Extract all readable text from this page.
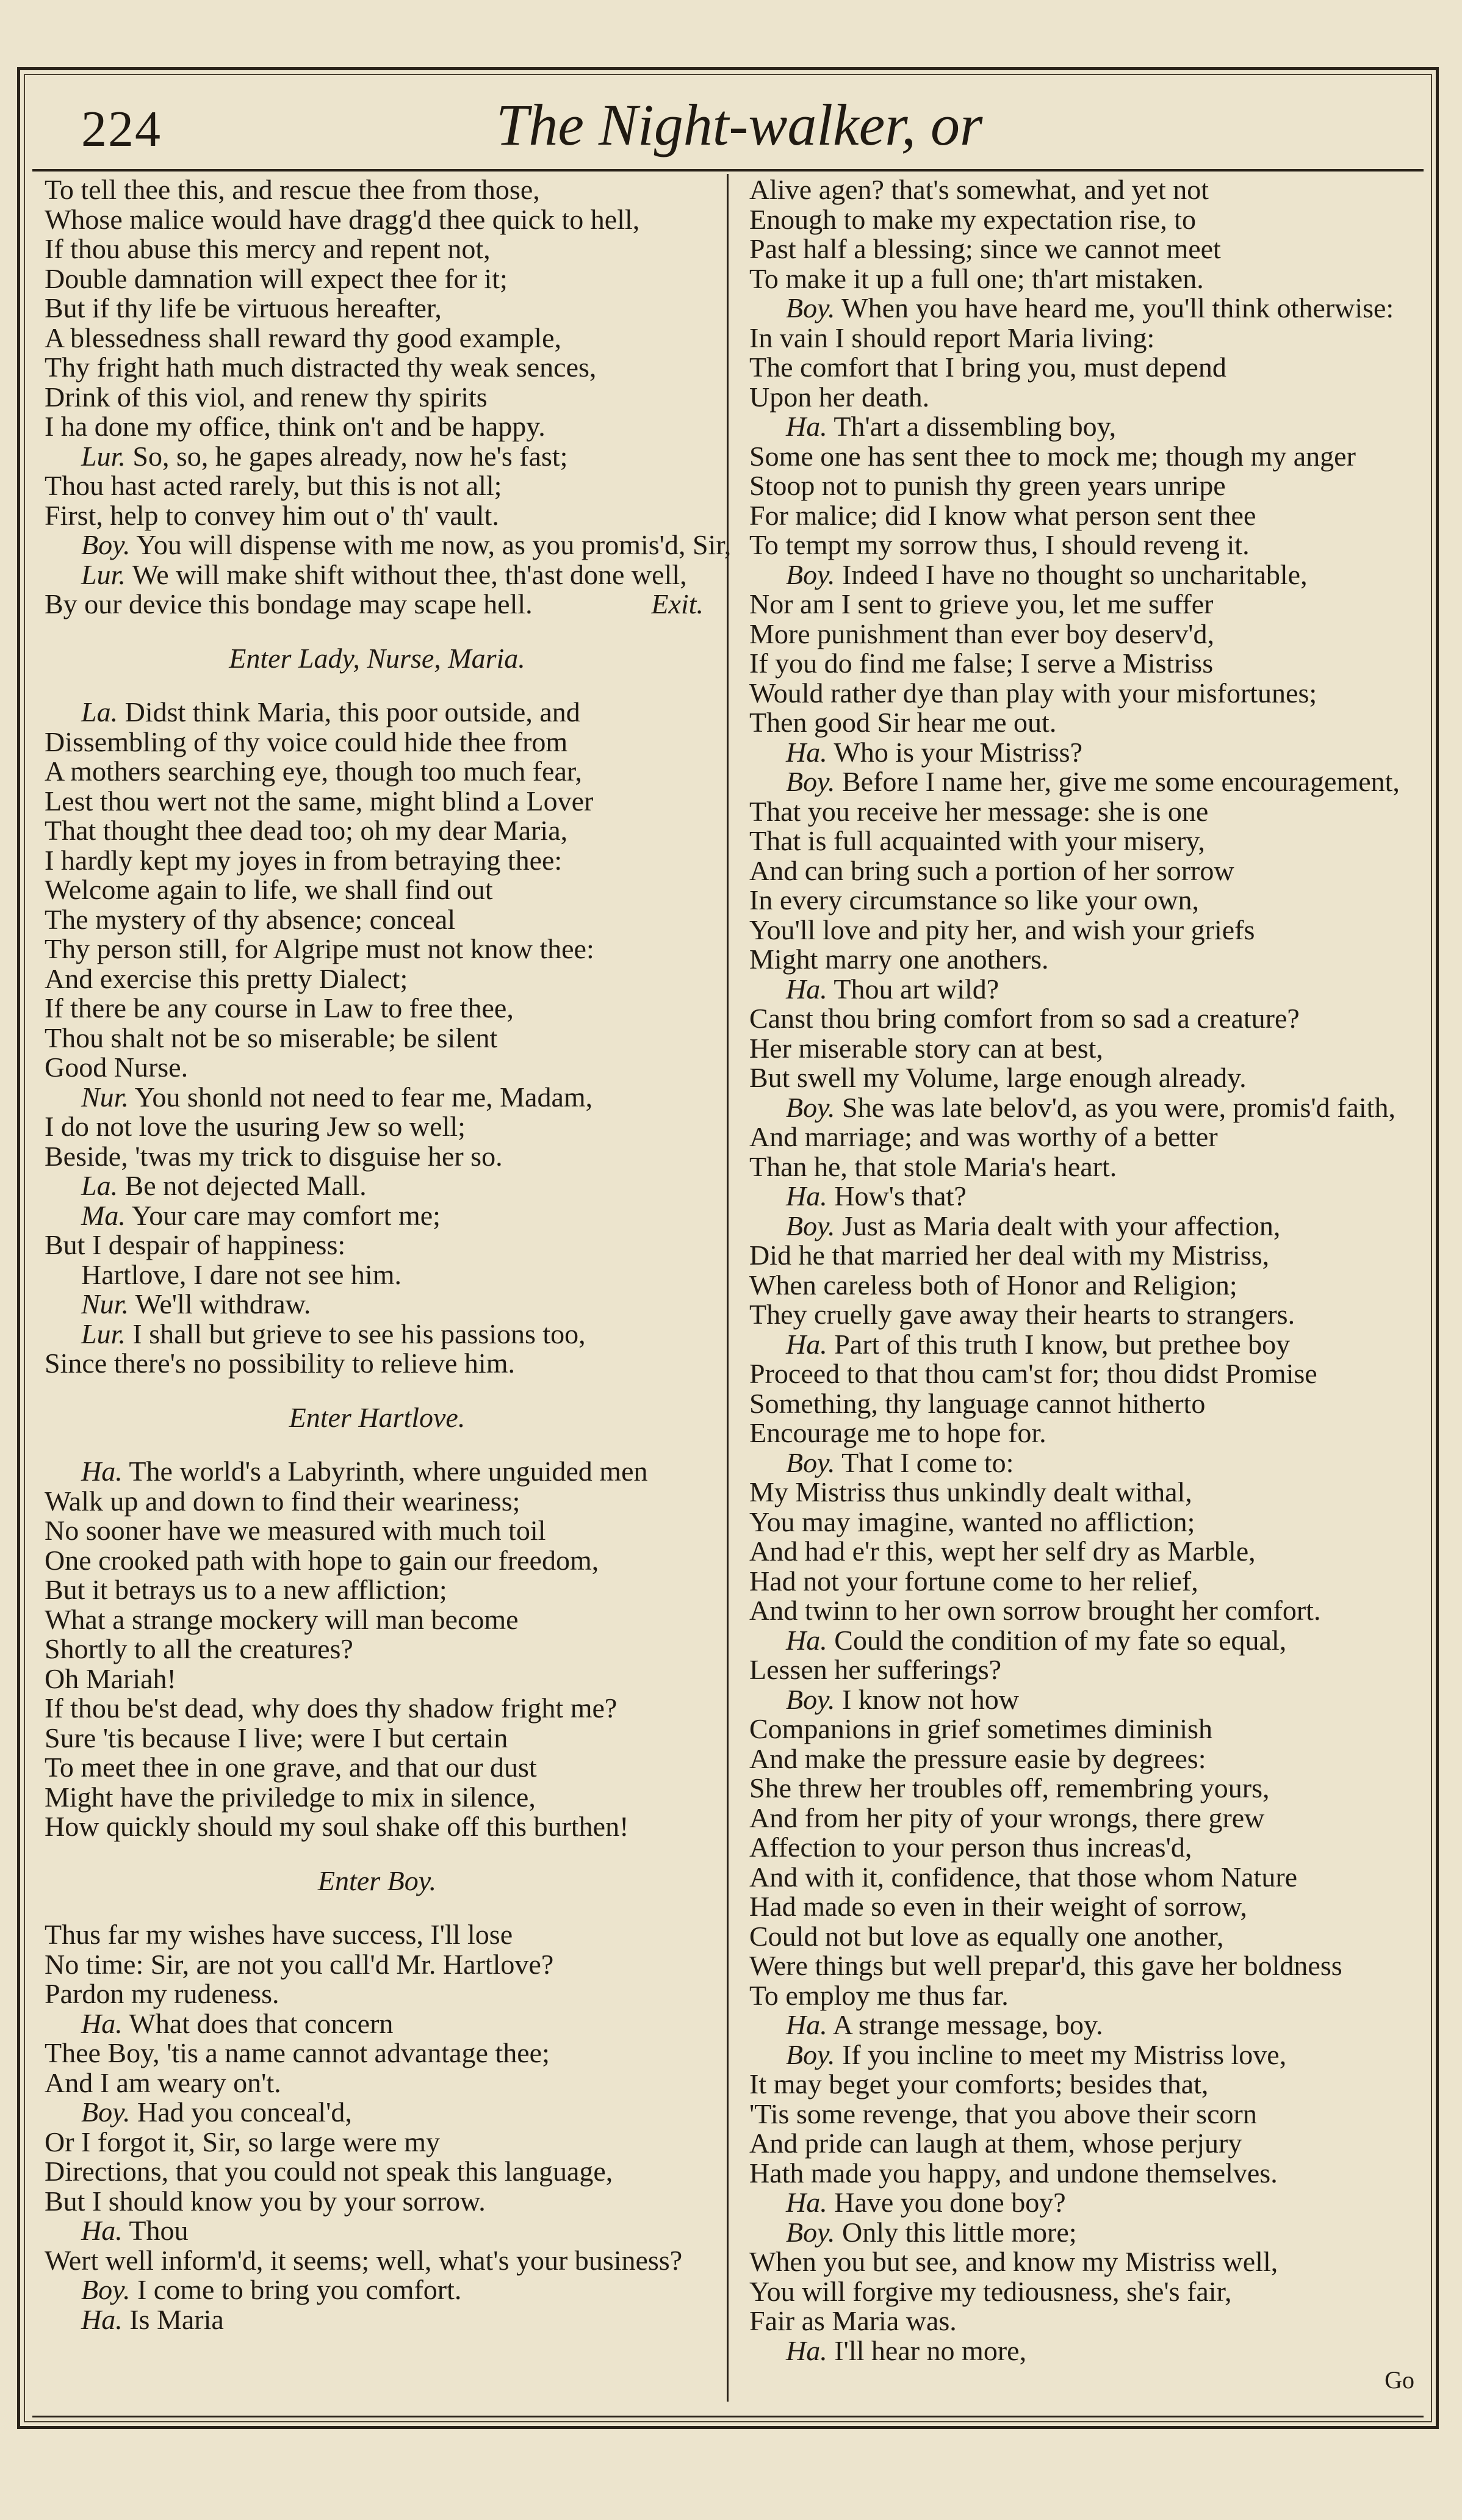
224	The Night-walker, or
To tell thee this, and rescue thee from those,
Whose malice would have dragg'd thee quick to hell,
If thou abuse this mercy and repent not,
Double damnation will expect thee for it;
But if thy life be virtuous hereafter,
A blessedness shall reward thy good example,
Thy fright hath much distracted thy weak sences,
Drink of this viol, and renew thy spirits
I ha done my office, think on't and be happy.
Lur. So, so, he gapes already, now he's fast;
Thou hast acted rarely, but this is not all;
First, help to convey him out o' th' vault.
Boy. You will dispense with me now, as you promis'd, Sir,
Lur. We will make shift without thee, th'ast done well,
By our device this bondage may scape hell.	Exit.
Enter Lady, Nurse, Maria.
La. Didst think Maria, this poor outside, and
Dissembling of thy voice could hide thee from
A mothers searching eye, though too much fear,
Lest thou wert not the same, might blind a Lover
That thought thee dead too; oh my dear Maria,
I hardly kept my joyes in from betraying thee:
Welcome again to life, we shall find out
The mystery of thy absence; conceal
Thy person still, for Algripe must not know thee:
And exercise this pretty Dialect;
If there be any course in Law to free thee,
Thou shalt not be so miserable; be silent
Good Nurse.
Nur. You shonld not need to fear me, Madam,
I do not love the usuring Jew so well;
Beside, 'twas my trick to disguise her so.
La. Be not dejected Mall.
Ma. Your care may comfort me;
But I despair of happiness:
Hartlove, I dare not see him.
Nur. We'll withdraw.
Lur. I shall but grieve to see his passions too,
Since there's no possibility to relieve him.
Enter Hartlove.
Ha. The world's a Labyrinth, where unguided men
Walk up and down to find their weariness;
No sooner have we measured with much toil
One crooked path with hope to gain our freedom,
But it betrays us to a new affliction;
What a strange mockery will man become
Shortly to all the creatures?
Oh Mariah!
If thou be'st dead, why does thy shadow fright me?
Sure 'tis because I live; were I but certain
To meet thee in one grave, and that our dust
Might have the priviledge to mix in silence,
How quickly should my soul shake off this burthen!
Enter Boy.
Thus far my wishes have success, I'll lose
No time: Sir, are not you call'd Mr. Hartlove?
Pardon my rudeness.
Ha. What does that concern
Thee Boy, 'tis a name cannot advantage thee;
And I am weary on't.
Boy. Had you conceal'd,
Or I forgot it, Sir, so large were my
Directions, that you could not speak this language,
But I should know you by your sorrow.
Ha. Thou
Wert well inform'd, it seems; well, what's your business?
Boy. I come to bring you comfort.
Ha. Is Maria
Alive agen? that's somewhat, and yet not
Enough to make my expectation rise, to
Past half a blessing; since we cannot meet
To make it up a full one; th'art mistaken.
Boy. When you have heard me, you'll think otherwise:
In vain I should report Maria living:
The comfort that I bring you, must depend
Upon her death.
Ha. Th'art a dissembling boy,
Some one has sent thee to mock me; though my anger
Stoop not to punish thy green years unripe
For malice; did I know what person sent thee
To tempt my sorrow thus, I should reveng it.
Boy. Indeed I have no thought so uncharitable,
Nor am I sent to grieve you, let me suffer
More punishment than ever boy deserv'd,
If you do find me false; I serve a Mistriss
Would rather dye than play with your misfortunes;
Then good Sir hear me out.
Ha. Who is your Mistriss?
Boy. Before I name her, give me some encouragement,
That you receive her message: she is one
That is full acquainted with your misery,
And can bring such a portion of her sorrow
In every circumstance so like your own,
You'll love and pity her, and wish your griefs
Might marry one anothers.
Ha. Thou art wild?
Canst thou bring comfort from so sad a creature?
Her miserable story can at best,
But swell my Volume, large enough already.
Boy. She was late belov'd, as you were, promis'd faith,
And marriage; and was worthy of a better
Than he, that stole Maria's heart.
Ha. How's that?
Boy. Just as Maria dealt with your affection,
Did he that married her deal with my Mistriss,
When careless both of Honor and Religion;
They cruelly gave away their hearts to strangers.
Ha. Part of this truth I know, but prethee boy
Proceed to that thou cam'st for; thou didst Promise
Something, thy language cannot hitherto
Encourage me to hope for.
Boy. That I come to:
My Mistriss thus unkindly dealt withal,
You may imagine, wanted no affliction;
And had e'r this, wept her self dry as Marble,
Had not your fortune come to her relief,
And twinn to her own sorrow brought her comfort.
Ha. Could the condition of my fate so equal,
Lessen her sufferings?
Boy. I know not how
Companions in grief sometimes diminish
And make the pressure easie by degrees:
She threw her troubles off, remembring yours,
And from her pity of your wrongs, there grew
Affection to your person thus increas'd,
And with it, confidence, that those whom Nature
Had made so even in their weight of sorrow,
Could not but love as equally one another,
Were things but well prepar'd, this gave her boldness
To employ me thus far.
Ha. A strange message, boy.
Boy. If you incline to meet my Mistriss love,
It may beget your comforts; besides that,
'Tis some revenge, that you above their scorn
And pride can laugh at them, whose perjury
Hath made you happy, and undone themselves.
Ha. Have you done boy?
Boy. Only this little more;
When you but see, and know my Mistriss well,
You will forgive my tediousness, she's fair,
Fair as Maria was.
Ha. I'll hear no more,
Go
